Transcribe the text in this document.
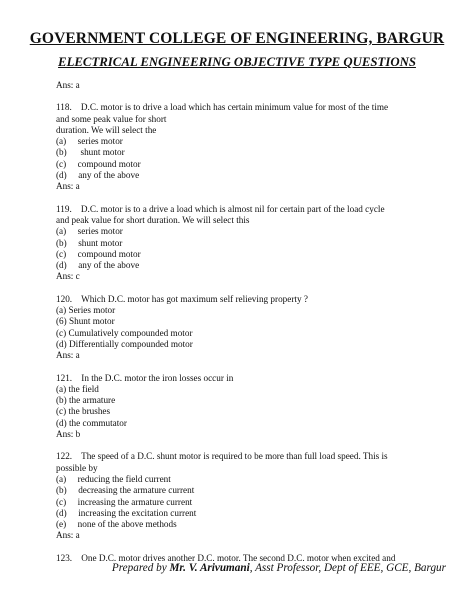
GOVERNMENT COLLEGE OF ENGINEERING, BARGUR
ELECTRICAL ENGINEERING OBJECTIVE TYPE QUESTIONS
Ans: a
118.    D.C. motor is to drive a load which has certain minimum value for most of the time
and some peak value for short
duration. We will select the
(a)     series motor
(b)      shunt motor
(c)     compound motor
(d)     any of the above
Ans: a
119.    D.C. motor is to a drive a load which is almost nil for certain part of the load cycle
and peak value for short duration. We will select this
(a)     series motor
(b)     shunt motor
(c)     compound motor
(d)     any of the above
Ans: c
120.    Which D.C. motor has got maximum self relieving property ?
(a) Series motor
(6) Shunt motor
(c) Cumulatively compounded motor
(d) Differentially compounded motor
Ans: a
121.    In the D.C. motor the iron losses occur in
(a) the field
(b) the armature
(c) the brushes
(d) the commutator
Ans: b
122.    The speed of a D.C. shunt motor is required to be more than full load speed. This is
possible by
(a)     reducing the field current
(b)     decreasing the armature current
(c)     increasing the armature current
(d)     increasing the excitation current
(e)     none of the above methods
Ans: a
123.    One D.C. motor drives another D.C. motor. The second D.C. motor when excited and
Prepared by Mr. V. Arivumani, Asst Professor, Dept of EEE, GCE, Bargur
